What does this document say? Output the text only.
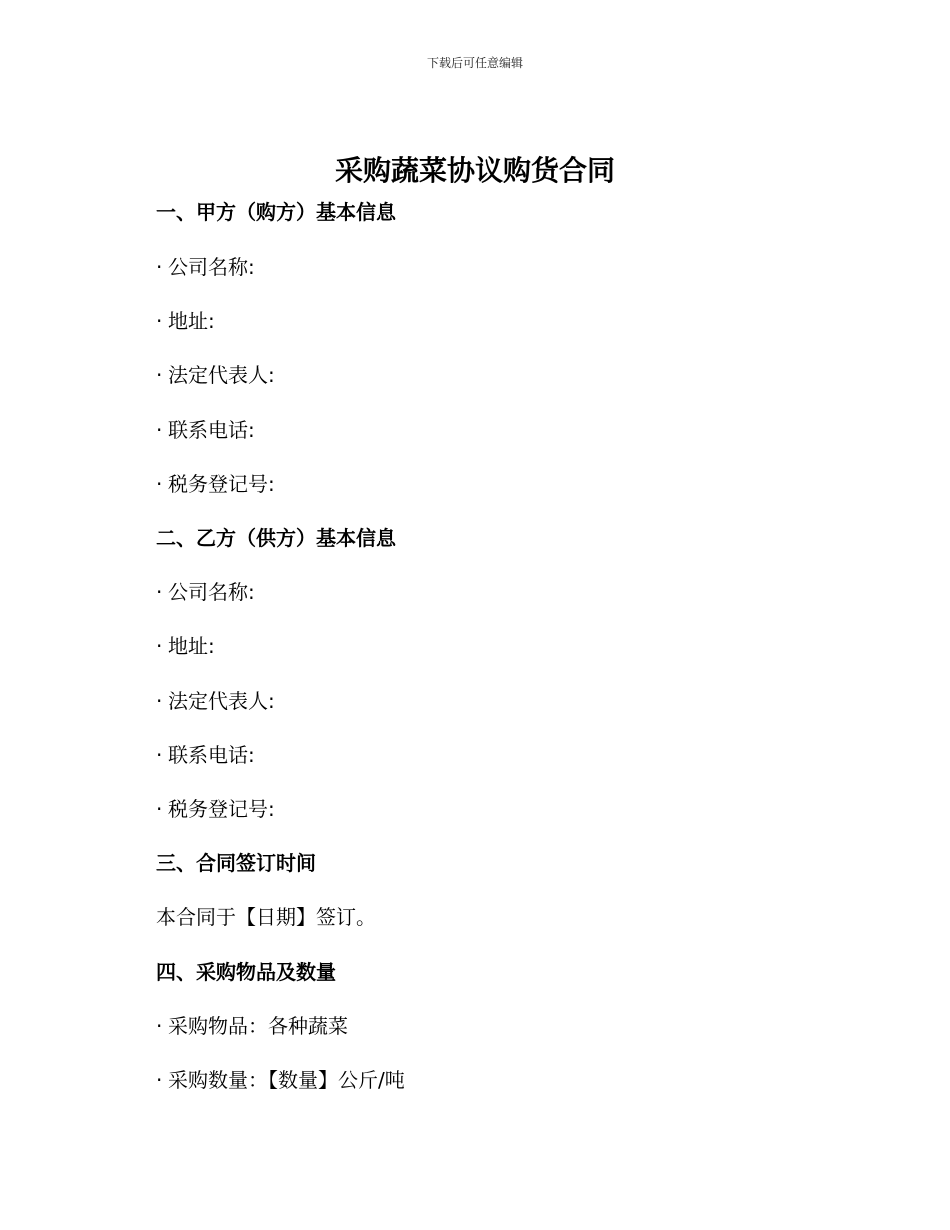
下载后可任意编辑
采购蔬菜协议购货合同
一、甲方（购方）基本信息
· 公司名称:
· 地址:
· 法定代表人:
· 联系电话:
· 税务登记号:
二、乙方（供方）基本信息
· 公司名称:
· 地址:
· 法定代表人:
· 联系电话:
· 税务登记号:
三、合同签订时间
本合同于【日期】签订。
四、采购物品及数量
· 采购物品：各种蔬菜
· 采购数量：【数量】公斤/吨
